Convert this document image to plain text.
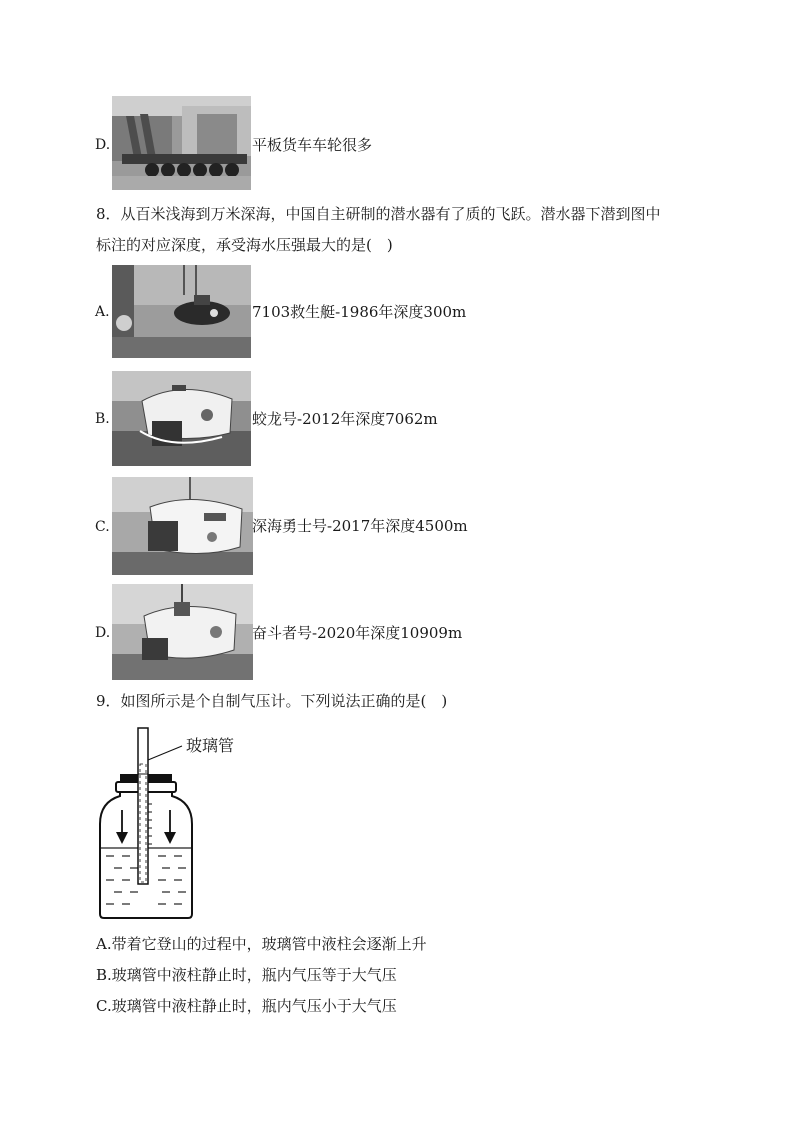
D.	平板货车车轮很多
8．从百米浅海到万米深海，中国自主研制的潜水器有了质的飞跃。潜水器下潜到图中
标注的对应深度，承受海水压强最大的是(　)
A.	7103救生艇-1986年深度300m
B.	蛟龙号-2012年深度7062m
C.	深海勇士号-2017年深度4500m
D.	奋斗者号-2020年深度10909m
9．如图所示是个自制气压计。下列说法正确的是(　)
玻璃管
A.带着它登山的过程中，玻璃管中液柱会逐渐上升
B.玻璃管中液柱静止时，瓶内气压等于大气压
C.玻璃管中液柱静止时，瓶内气压小于大气压
